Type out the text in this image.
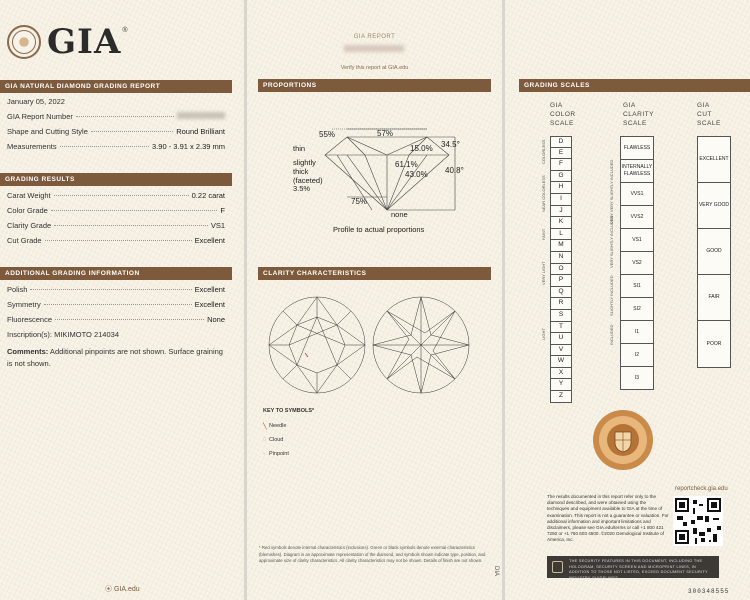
GIA ®
GIA NATURAL DIAMOND GRADING REPORT
January 05, 2022
GIA Report Number
Shape and Cutting Style	Round Brilliant
Measurements	3.90 - 3.91 x 2.39 mm
GRADING RESULTS
Carat Weight	0.22 carat
Color Grade	F
Clarity Grade	VS1
Cut Grade	Excellent
ADDITIONAL GRADING INFORMATION
Polish	Excellent
Symmetry	Excellent
Fluorescence	None
Inscription(s): MIKIMOTO 214034
Comments: Additional pinpoints are not shown. Surface graining is not shown.
⦿ GIA.edu
GIA REPORT
Verify this report at GIA.edu
PROPORTIONS
55%	57%
thin	15.0% 34.5°
slightly
thick
(faceted)
3.5%
61.1%
43.0% 40.8°
75%
none
Profile to actual proportions
CLARITY CHARACTERISTICS
KEY TO SYMBOLS*
╲ Needle
◌ Cloud
· Pinpoint
* Red symbols denote internal characteristics (inclusions). Green or black symbols denote external characteristics (blemishes). Diagram is an approximate representation of the diamond, and symbols shown indicate type, position, and approximate size of clarity characteristics. All clarity characteristics may not be shown. Details of finish are not shown.
DIA
GRADING SCALES
GIA
COLOR
SCALE
GIA
CLARITY
SCALE
GIA
CUT
SCALE
COLORLESS
NEAR COLORLESS
FAINT
VERY LIGHT
LIGHT
D
E
F
G
H
I
J
K
L
M
N
O
P
Q
R
S
T
U
V
W
X
Y
Z
VERY VERY SLIGHTLY INCLUDED
VERY SLIGHTLY INCLUDED
SLIGHTLY INCLUDED
INCLUDED
FLAWLESS
INTERNALLY FLAWLESS
VVS1
VVS2
VS1
VS2
SI1
SI2
I1
I2
I3
EXCELLENT
VERY GOOD
GOOD
FAIR
POOR
reportcheck.gia.edu
The results documented in this report refer only to the diamond described, and were obtained using the techniques and equipment available to GIA at the time of examination. This report is not a guarantee or valuation. For additional information and important limitations and disclaimers, please see GIA.edu/terms or call +1 800 421 7250 or +1 760 603 4500. ©2020 Gemological Institute of America, Inc.
THE SECURITY FEATURES IN THIS DOCUMENT, INCLUDING THE HOLOGRAM, SECURITY SCREEN AND MICROPRINT LINES, IN ADDITION TO THOSE NOT LISTED, EXCEED DOCUMENT SECURITY INDUSTRY GUIDELINES.
300348555
